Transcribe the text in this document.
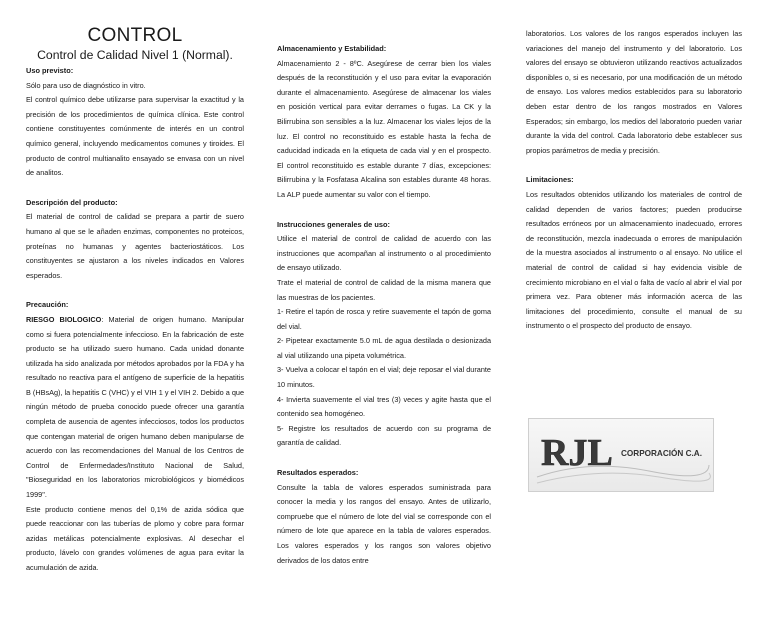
CONTROL
Control de Calidad Nivel 1 (Normal).

Uso previsto:

Sólo para uso de diagnóstico in vitro.

El control químico debe utilizarse para supervisar la exactitud y la precisión de los procedimientos de química clínica. Este control contiene constituyentes comúnmente de interés en un control químico general, incluyendo medicamentos comunes y tiroides. El producto de control multianalito ensayado se envasa con un nivel de analitos.

Descripción del producto:

El material de control de calidad se prepara a partir de suero humano al que se le añaden enzimas, componentes no proteicos, proteínas no humanas y agentes bacteriostáticos. Los constituyentes se ajustaron a los niveles indicados en Valores esperados.

Precaución:

RIESGO BIOLOGICO: Material de origen humano. Manipular como si fuera potencialmente infeccioso. En la fabricación de este producto se ha utilizado suero humano. Cada unidad donante utilizada ha sido analizada por métodos aprobados por la FDA y ha resultado no reactiva para el antígeno de superficie de la hepatitis B (HBsAg), la hepatitis C (VHC) y el VIH 1 y el VIH 2. Debido a que ningún método de prueba conocido puede ofrecer una garantía completa de ausencia de agentes infecciosos, todos los productos que contengan material de origen humano deben manipularse de acuerdo con las recomendaciones del Manual de los Centros de Control de Enfermedades/Instituto Nacional de Salud, "Bioseguridad en los laboratorios microbiológicos y biomédicos 1999".

Este producto contiene menos del 0,1% de azida sódica que puede reaccionar con las tuberías de plomo y cobre para formar azidas metálicas potencialmente explosivas. Al desechar el producto, lávelo con grandes volúmenes de agua para evitar la acumulación de azida.

Almacenamiento y Estabilidad:

Almacenamiento 2 - 8ºC. Asegúrese de cerrar bien los viales después de la reconstitución y el uso para evitar la evaporación durante el almacenamiento. Asegúrese de almacenar los viales en posición vertical para evitar derrames o fugas. La CK y la Bilirrubina son sensibles a la luz. Almacenar los viales lejos de la luz. El control no reconstituido es estable hasta la fecha de caducidad indicada en la etiqueta de cada vial y en el prospecto. El control reconstituido es estable durante 7 días, excepciones: Bilirrubina y la Fosfatasa Alcalina son estables durante 48 horas. La ALP puede aumentar su valor con el tiempo.

Instrucciones generales de uso:

Utilice el material de control de calidad de acuerdo con las instrucciones que acompañan al instrumento o al procedimiento de ensayo utilizado.

Trate el material de control de calidad de la misma manera que las muestras de los pacientes.

1- Retire el tapón de rosca y retire suavemente el tapón de goma del vial.

2- Pipetear exactamente 5.0 mL de agua destilada o desionizada al vial utilizando una pipeta volumétrica.

3- Vuelva a colocar el tapón en el vial; deje reposar el vial durante 10 minutos.

4- Invierta suavemente el vial tres (3) veces y agite hasta que el contenido sea homogéneo.

5- Registre los resultados de acuerdo con su programa de garantía de calidad.

Resultados esperados:

Consulte la tabla de valores esperados suministrada para conocer la media y los rangos del ensayo. Antes de utilizarlo, compruebe que el número de lote del vial se corresponde con el número de lote que aparece en la tabla de valores esperados. Los valores esperados y los rangos son valores objetivo derivados de los datos entre

laboratorios. Los valores de los rangos esperados incluyen las variaciones del manejo del instrumento y del laboratorio. Los valores del ensayo se obtuvieron utilizando reactivos actualizados disponibles o, si es necesario, por una modificación de un método de ensayo. Los valores medios establecidos para su laboratorio deben estar dentro de los rangos mostrados en Valores Esperados; sin embargo, los medios del laboratorio pueden variar durante la vida del control. Cada laboratorio debe establecer sus propios parámetros de media y precisión.

Limitaciones:

Los resultados obtenidos utilizando los materiales de control de calidad dependen de varios factores; pueden producirse resultados erróneos por un almacenamiento inadecuado, errores de reconstitución, mezcla inadecuada o errores de manipulación de la muestra asociados al instrumento o al ensayo. No utilice el material de control de calidad si hay evidencia visible de crecimiento microbiano en el vial o falta de vacío al abrir el vial por primera vez. Para obtener más información acerca de las limitaciones del procedimiento, consulte el manual de su instrumento o el prospecto del producto de ensayo.

RJL CORPORACIÓN C.A.
